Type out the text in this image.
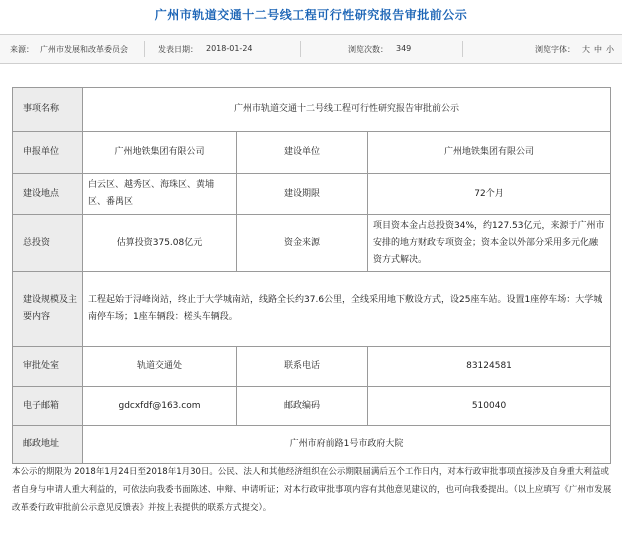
广州市轨道交通十二号线工程可行性研究报告审批前公示
来源： 广州市发展和改革委员会	发表日期： 2018-01-24	浏览次数： 349	浏览字体： 大 中 小
事项名称	广州市轨道交通十二号线工程可行性研究报告审批前公示		
申报单位	广州地铁集团有限公司	建设单位	广州地铁集团有限公司
建设地点	白云区、越秀区、海珠区、黄埔区、番禺区	建设期限	72个月
总投资	估算投资375.08亿元	资金来源	项目资本金占总投资34%，约127.53亿元，来源于广州市安排的地方财政专项资金；资本金以外部分采用多元化融资方式解决。
建设规模及主要内容	工程起始于浔峰岗站，终止于大学城南站，线路全长约37.6公里，全线采用地下敷设方式，设25座车站。设置1座停车场：大学城南停车场；1座车辆段：槎头车辆段。		
审批处室	轨道交通处	联系电话	83124581
电子邮箱	gdcxfdf@163.com	邮政编码	510040
邮政地址	广州市府前路1号市政府大院		
本公示的期限为 2018年1月24日至2018年1月30日。公民、法人和其他经济组织在公示期限届满后五个工作日内，对本行政审批事项直接涉及自身重大利益或者自身与申请人重大利益的，可依法向我委书面陈述、申辩、申请听证；对本行政审批事项内容有其他意见建议的，也可向我委提出。（以上应填写《广州市发展改革委行政审批前公示意见反馈表》并按上表提供的联系方式提交）。
